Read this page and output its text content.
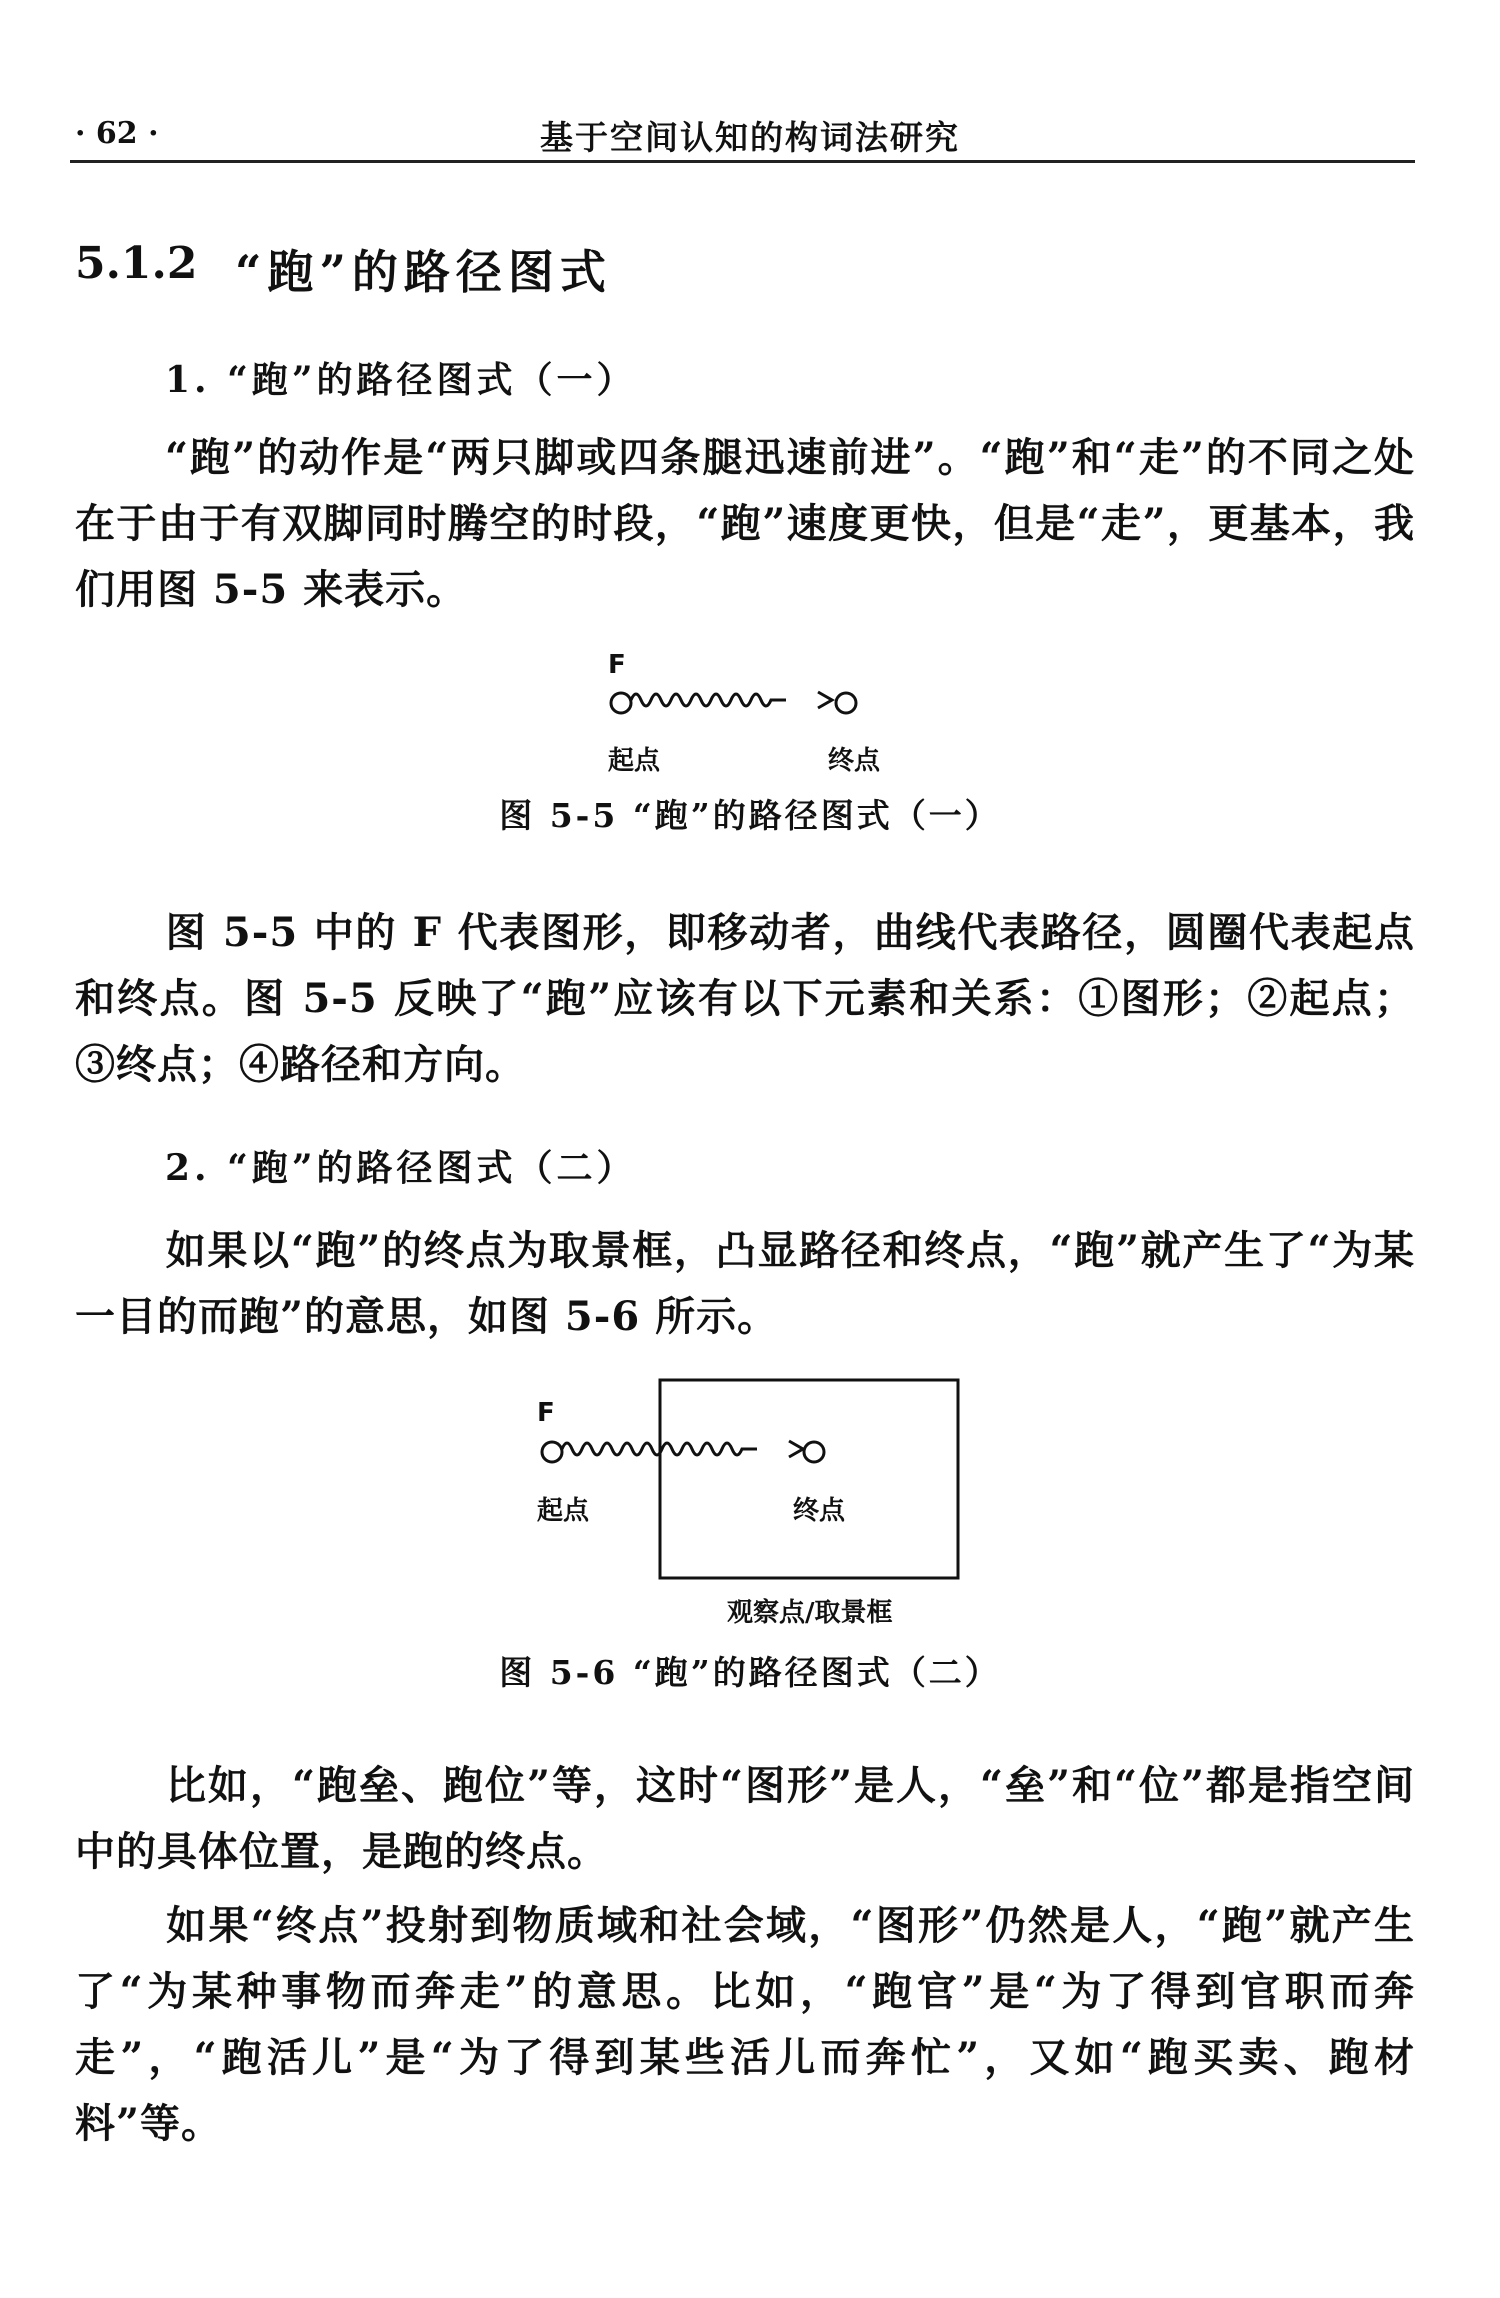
· 62 ·	基于空间认知的构词法研究
5.1.2 “跑”的路径图式
1. “跑”的路径图式（一）

“跑”的动作是“两只脚或四条腿迅速前进”。“跑”和“走”的不同之处在于由于有双脚同时腾空的时段，“跑”速度更快，但是“走”，更基本，我们用图 5-5 来表示。

F
起点	终点
图 5-5 “跑”的路径图式（一）

图 5-5 中的 F 代表图形，即移动者，曲线代表路径，圆圈代表起点和终点。图 5-5 反映了“跑”应该有以下元素和关系：①图形；②起点；③终点；④路径和方向。

2. “跑”的路径图式（二）

如果以“跑”的终点为取景框，凸显路径和终点，“跑”就产生了“为某一目的而跑”的意思，如图 5-6 所示。

F
起点	终点
观察点/取景框
图 5-6 “跑”的路径图式（二）

比如，“跑垒、跑位”等，这时“图形”是人，“垒”和“位”都是指空间中的具体位置，是跑的终点。

如果“终点”投射到物质域和社会域，“图形”仍然是人，“跑”就产生了“为某种事物而奔走”的意思。比如，“跑官”是“为了得到官职而奔走”，“跑活儿”是“为了得到某些活儿而奔忙”，又如“跑买卖、跑材料”等。
